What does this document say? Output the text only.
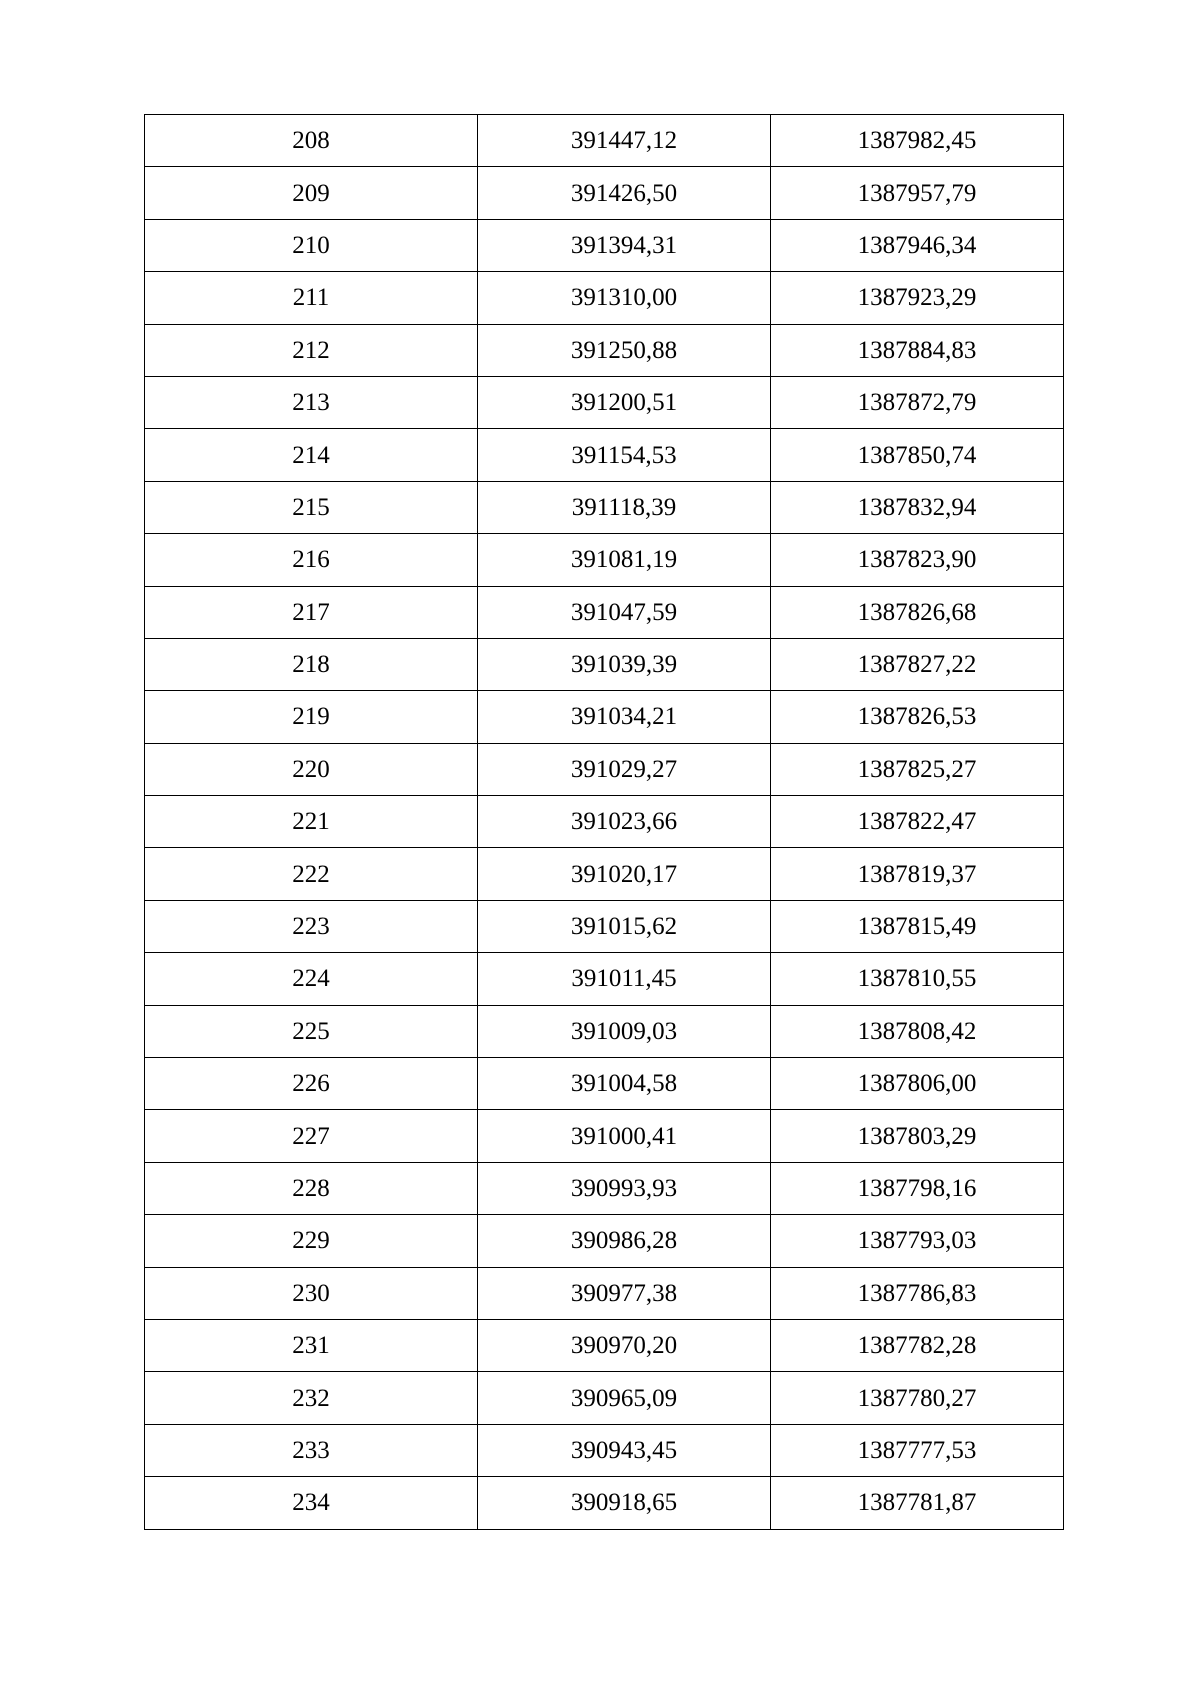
208	391447,12	1387982,45
209	391426,50	1387957,79
210	391394,31	1387946,34
211	391310,00	1387923,29
212	391250,88	1387884,83
213	391200,51	1387872,79
214	391154,53	1387850,74
215	391118,39	1387832,94
216	391081,19	1387823,90
217	391047,59	1387826,68
218	391039,39	1387827,22
219	391034,21	1387826,53
220	391029,27	1387825,27
221	391023,66	1387822,47
222	391020,17	1387819,37
223	391015,62	1387815,49
224	391011,45	1387810,55
225	391009,03	1387808,42
226	391004,58	1387806,00
227	391000,41	1387803,29
228	390993,93	1387798,16
229	390986,28	1387793,03
230	390977,38	1387786,83
231	390970,20	1387782,28
232	390965,09	1387780,27
233	390943,45	1387777,53
234	390918,65	1387781,87
